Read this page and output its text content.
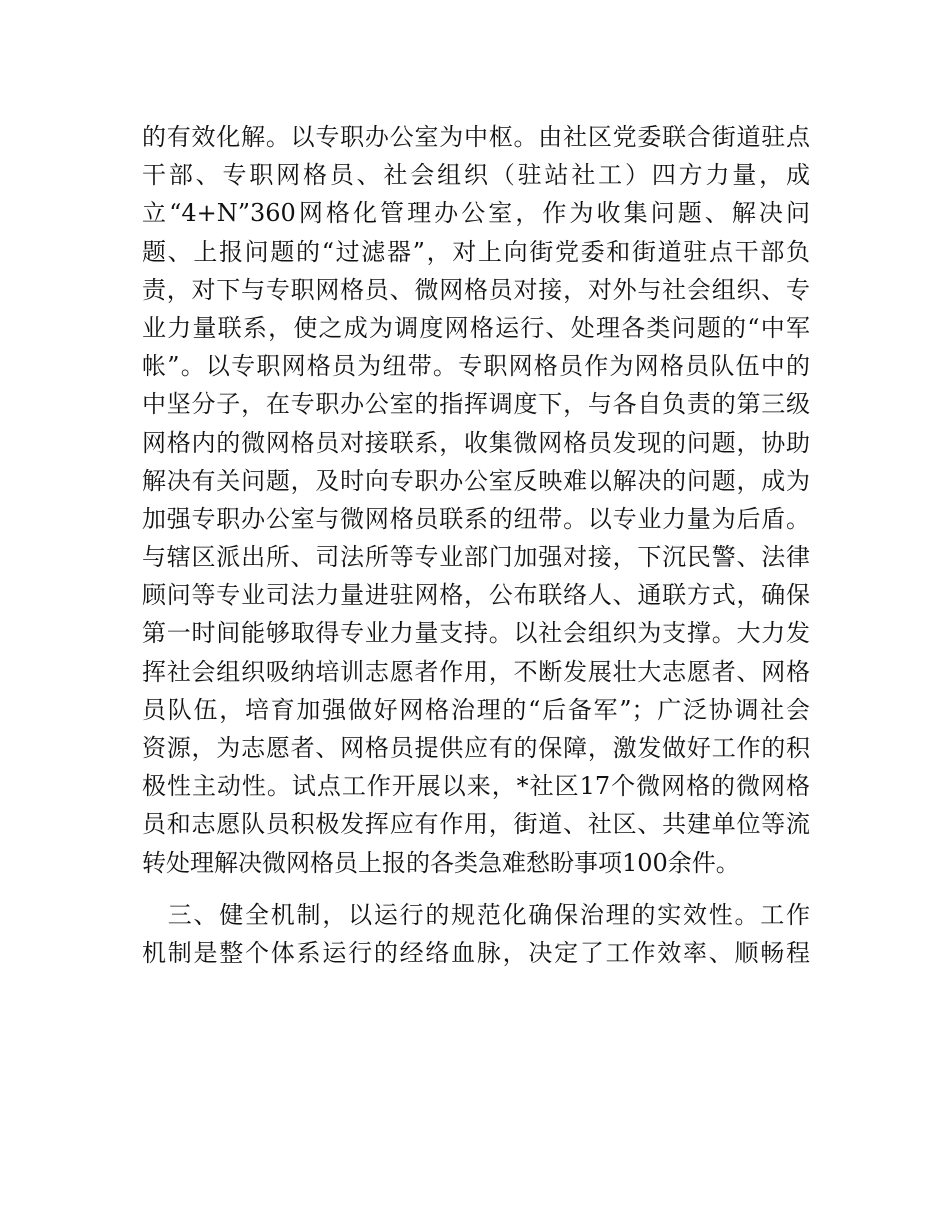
的有效化解。以专职办公室为中枢。由社区党委联合街道驻点
干部、专职网格员、社会组织（驻站社工）四方力量，成
立“4+N”360网格化管理办公室，作为收集问题、解决问
题、上报问题的“过滤器”，对上向街党委和街道驻点干部负
责，对下与专职网格员、微网格员对接，对外与社会组织、专
业力量联系，使之成为调度网格运行、处理各类问题的“中军
帐”。以专职网格员为纽带。专职网格员作为网格员队伍中的
中坚分子，在专职办公室的指挥调度下，与各自负责的第三级
网格内的微网格员对接联系，收集微网格员发现的问题，协助
解决有关问题，及时向专职办公室反映难以解决的问题，成为
加强专职办公室与微网格员联系的纽带。以专业力量为后盾。
与辖区派出所、司法所等专业部门加强对接，下沉民警、法律
顾问等专业司法力量进驻网格，公布联络人、通联方式，确保
第一时间能够取得专业力量支持。以社会组织为支撑。大力发
挥社会组织吸纳培训志愿者作用，不断发展壮大志愿者、网格
员队伍，培育加强做好网格治理的“后备军”；广泛协调社会
资源，为志愿者、网格员提供应有的保障，激发做好工作的积
极性主动性。试点工作开展以来，*社区17个微网格的微网格
员和志愿队员积极发挥应有作用，街道、社区、共建单位等流
转处理解决微网格员上报的各类急难愁盼事项100余件。
　三、健全机制，以运行的规范化确保治理的实效性。工作
机制是整个体系运行的经络血脉，决定了工作效率、顺畅程
